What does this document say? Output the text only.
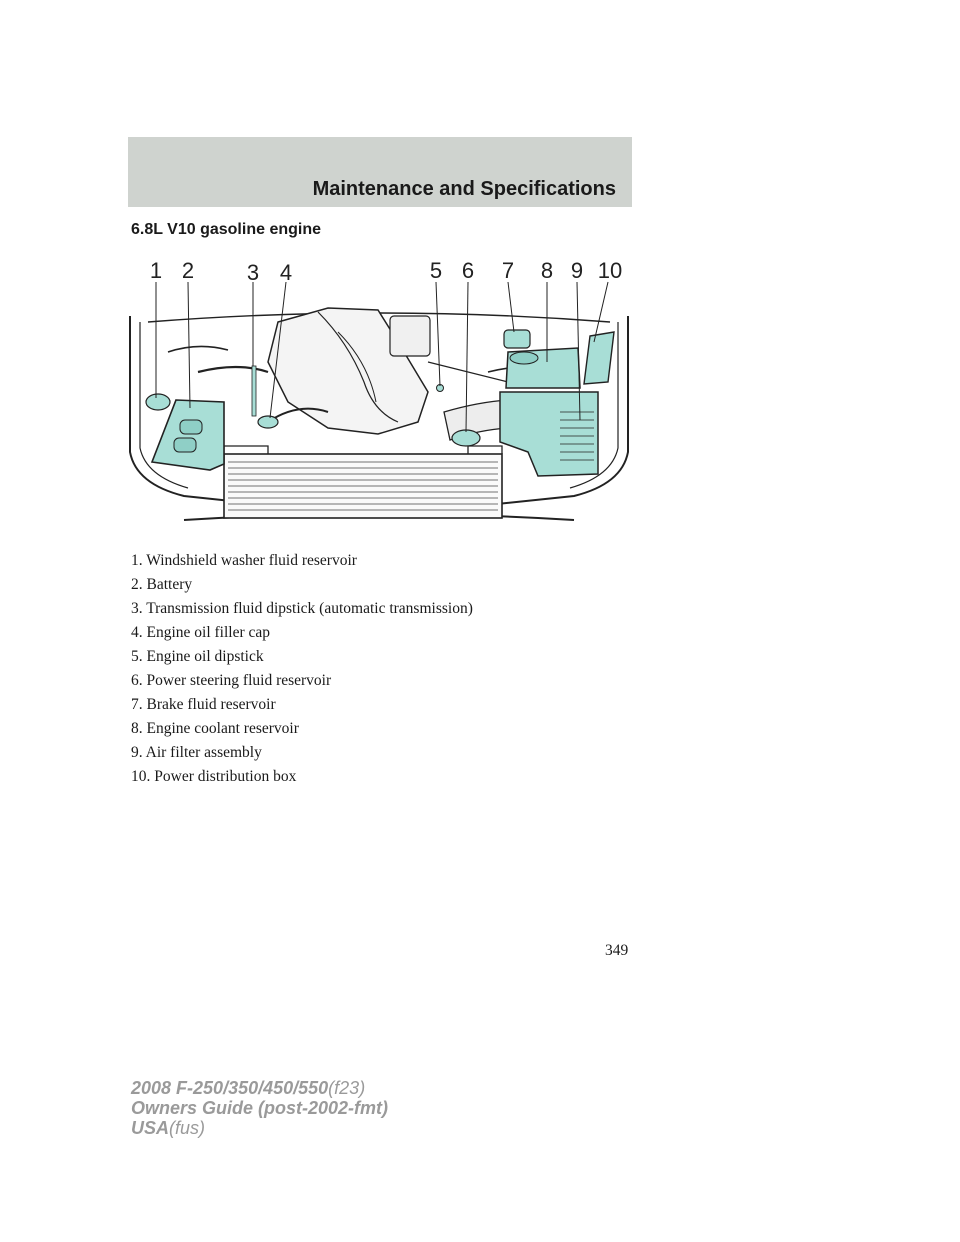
Maintenance and Specifications
6.8L V10 gasoline engine
1 2 3 4	5 6 7 8 9 10
1. Windshield washer fluid reservoir
2. Battery
3. Transmission fluid dipstick (automatic transmission)
4. Engine oil filler cap
5. Engine oil dipstick
6. Power steering fluid reservoir
7. Brake fluid reservoir
8. Engine coolant reservoir
9. Air filter assembly
10. Power distribution box
349
2008 F-250/350/450/550(f23)
Owners Guide (post-2002-fmt)
USA(fus)
